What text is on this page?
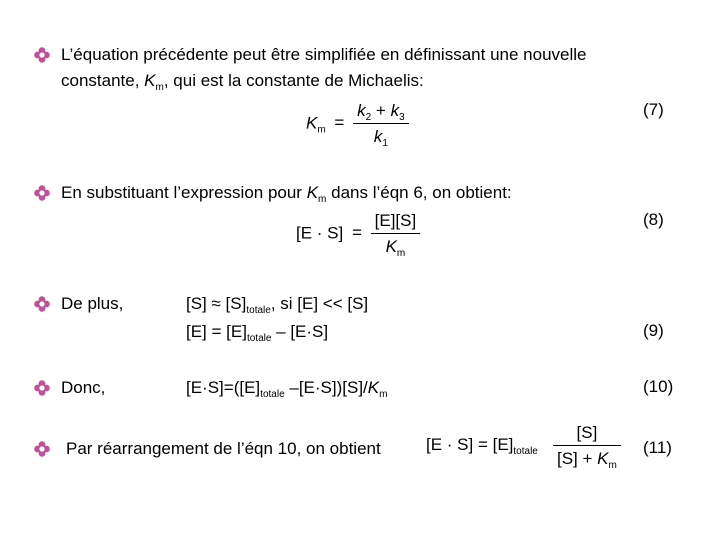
L’équation précédente peut être simplifiée en définissant une nouvelle
constante, $K_m$, qui est la constante de Michaelis:
$K_m = \frac{k_2 + k_3}{k_1}$	(7)
En substituant l’expression pour $K_m$ dans l’éqn 6, on obtient:
$[E \cdot S] = \frac{[E][S]}{K_m}$	(8)
De plus,	$[S] \approx [S]_{totale}$, si [E] << [S]
$[E] = [E]_{totale} - [E\cdot S]$	(9)
Donc,	$[E\cdot S]=([E]_{totale}$ $-[E\cdot S])[S]/K_m$	(10)
Par réarrangement de l’éqn 10, on obtient	$[E \cdot S] = [E]_{totale} \frac{[S]}{[S] + K_m} (11)$
